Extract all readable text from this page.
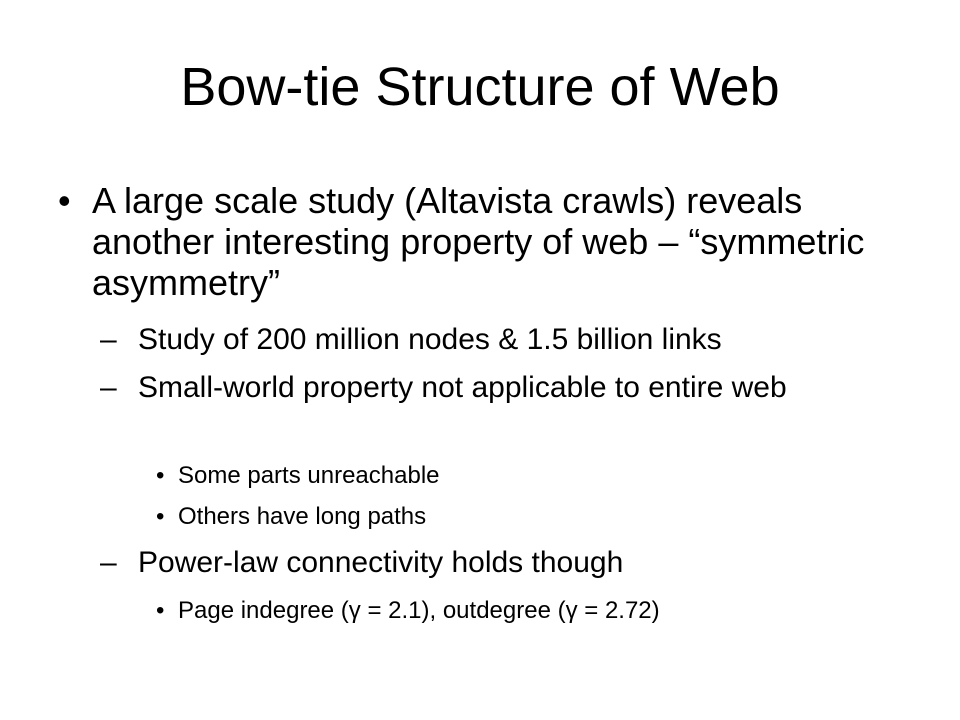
Bow-tie Structure of Web
• A large scale study (Altavista crawls) reveals another interesting property of web – “symmetric asymmetry”
– Study of 200 million nodes & 1.5 billion links
– Small-world property not applicable to entire web
• Some parts unreachable
• Others have long paths
– Power-law connectivity holds though
• Page indegree (γ = 2.1), outdegree (γ = 2.72)
